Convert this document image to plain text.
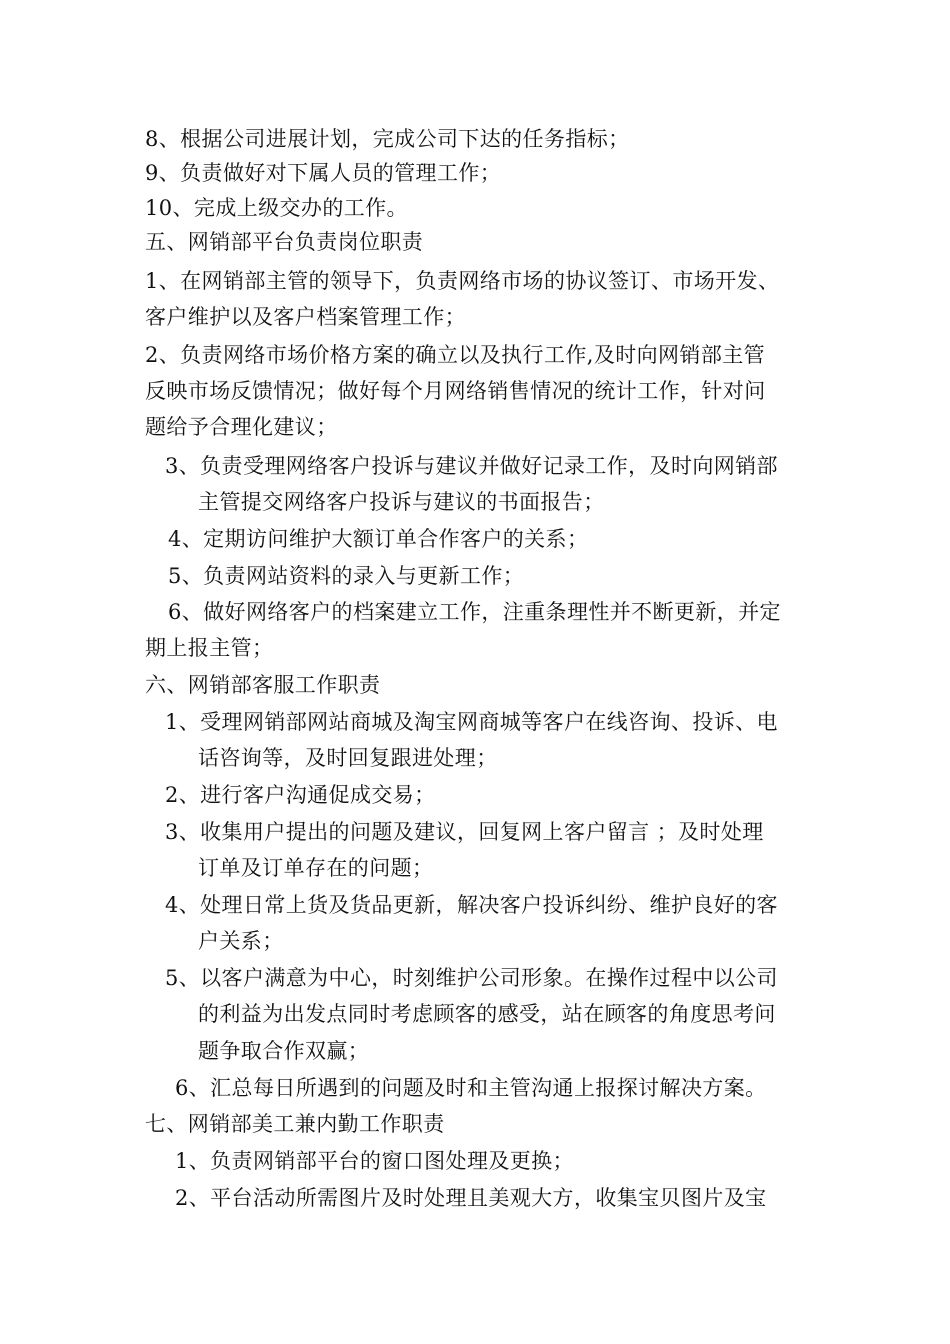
8、根据公司进展计划，完成公司下达的任务指标；
9、负责做好对下属人员的管理工作；
10、完成上级交办的工作。
五、网销部平台负责岗位职责
1、在网销部主管的领导下，负责网络市场的协议签订、市场开发、
客户维护以及客户档案管理工作；
2、负责网络市场价格方案的确立以及执行工作,及时向网销部主管
反映市场反馈情况；做好每个月网络销售情况的统计工作，针对问
题给予合理化建议；
3、负责受理网络客户投诉与建议并做好记录工作，及时向网销部
主管提交网络客户投诉与建议的书面报告；
4、定期访问维护大额订单合作客户的关系；
5、负责网站资料的录入与更新工作；
6、做好网络客户的档案建立工作，注重条理性并不断更新，并定
期上报主管；
六、网销部客服工作职责
1、受理网销部网站商城及淘宝网商城等客户在线咨询、投诉、电
话咨询等，及时回复跟进处理；
2、进行客户沟通促成交易；
3、收集用户提出的问题及建议，回复网上客户留言 ；及时处理
订单及订单存在的问题；
4、处理日常上货及货品更新，解决客户投诉纠纷、维护良好的客
户关系；
5、以客户满意为中心，时刻维护公司形象。在操作过程中以公司
的利益为出发点同时考虑顾客的感受，站在顾客的角度思考问
题争取合作双赢；
6、汇总每日所遇到的问题及时和主管沟通上报探讨解决方案。
七、网销部美工兼内勤工作职责
1、负责网销部平台的窗口图处理及更换；
2、平台活动所需图片及时处理且美观大方，收集宝贝图片及宝
